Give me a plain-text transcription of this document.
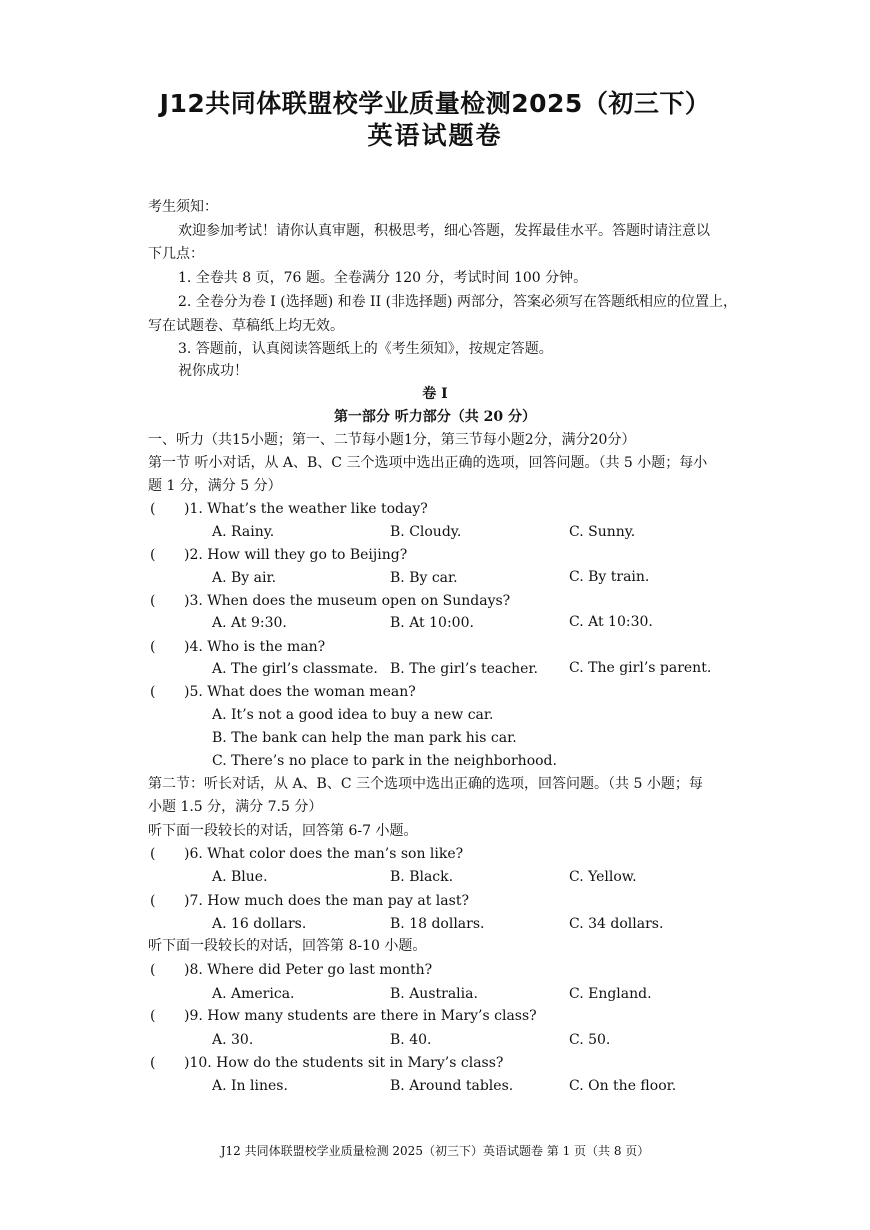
J12共同体联盟校学业质量检测2025（初三下）
英语试题卷
考生须知：
欢迎参加考试！请你认真审题，积极思考，细心答题，发挥最佳水平。答题时请注意以
下几点：
1. 全卷共 8 页，76 题。全卷满分 120 分，考试时间 100 分钟。
2. 全卷分为卷 I (选择题) 和卷 II (非选择题) 两部分，答案必须写在答题纸相应的位置上，
写在试题卷、草稿纸上均无效。
3. 答题前，认真阅读答题纸上的《考生须知》，按规定答题。
祝你成功！
卷 I
第一部分 听力部分（共 20 分）
一、听力（共15小题；第一、二节每小题1分，第三节每小题2分，满分20分）
第一节 听小对话，从 A、B、C 三个选项中选出正确的选项，回答问题。（共 5 小题；每小
题 1 分，满分 5 分）
( )1. What’s the weather like today?
A. Rainy.	B. Cloudy.	C. Sunny.
( )2. How will they go to Beijing?
A. By air.	B. By car.	C. By train.
( )3. When does the museum open on Sundays?
A. At 9:30.	B. At 10:00.	C. At 10:30.
( )4. Who is the man?
A. The girl’s classmate. B. The girl’s teacher. C. The girl’s parent.
( )5. What does the woman mean?
A. It’s not a good idea to buy a new car.
B. The bank can help the man park his car.
C. There’s no place to park in the neighborhood.
第二节：听长对话，从 A、B、C 三个选项中选出正确的选项，回答问题。（共 5 小题；每
小题 1.5 分，满分 7.5 分）
听下面一段较长的对话，回答第 6-7 小题。
( )6. What color does the man’s son like?
A. Blue.	B. Black.	C. Yellow.
( )7. How much does the man pay at last?
A. 16 dollars.	B. 18 dollars.	C. 34 dollars.
听下面一段较长的对话，回答第 8-10 小题。
( )8. Where did Peter go last month?
A. America.	B. Australia.	C. England.
( )9. How many students are there in Mary’s class?
A. 30.	B. 40.	C. 50.
( )10. How do the students sit in Mary’s class?
A. In lines.	B. Around tables.	C. On the floor.
J12 共同体联盟校学业质量检测 2025（初三下）英语试题卷 第 1 页（共 8 页）
